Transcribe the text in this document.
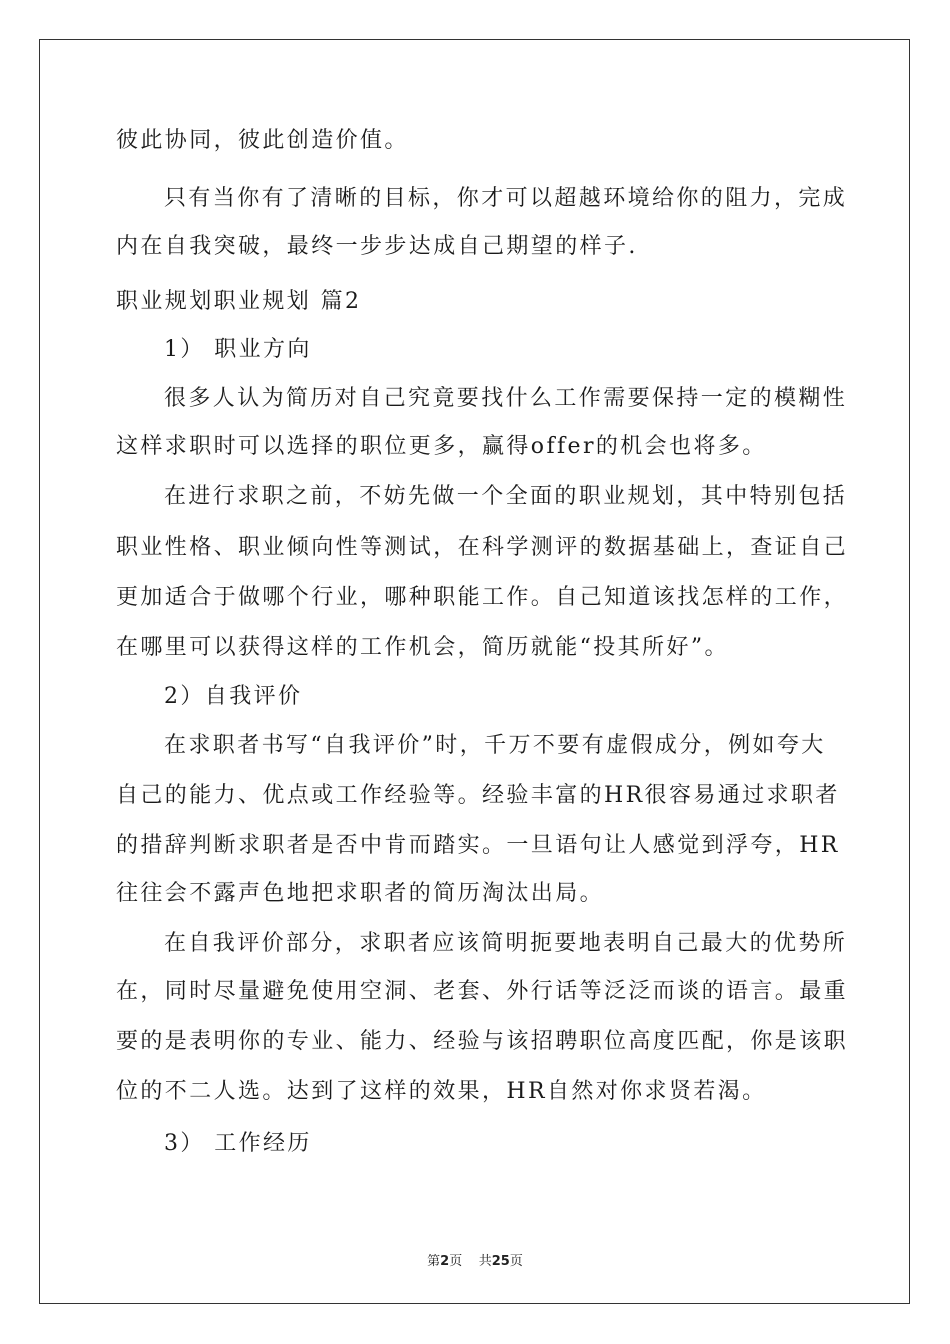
彼此协同，彼此创造价值。
只有当你有了清晰的目标，你才可以超越环境给你的阻力，完成
内在自我突破，最终一步步达成自己期望的样子.
职业规划职业规划 篇2
1） 职业方向
很多人认为简历对自己究竟要找什么工作需要保持一定的模糊性
这样求职时可以选择的职位更多，赢得offer的机会也将多。
在进行求职之前，不妨先做一个全面的职业规划，其中特别包括
职业性格、职业倾向性等测试，在科学测评的数据基础上，查证自己
更加适合于做哪个行业，哪种职能工作。自己知道该找怎样的工作，
在哪里可以获得这样的工作机会，简历就能“投其所好”。
2）自我评价
在求职者书写“自我评价”时，千万不要有虚假成分，例如夸大
自己的能力、优点或工作经验等。经验丰富的HR很容易通过求职者
的措辞判断求职者是否中肯而踏实。一旦语句让人感觉到浮夸，HR
往往会不露声色地把求职者的简历淘汰出局。
在自我评价部分，求职者应该简明扼要地表明自己最大的优势所
在，同时尽量避免使用空洞、老套、外行话等泛泛而谈的语言。最重
要的是表明你的专业、能力、经验与该招聘职位高度匹配，你是该职
位的不二人选。达到了这样的效果，HR自然对你求贤若渴。
3） 工作经历
第2页 共25页
